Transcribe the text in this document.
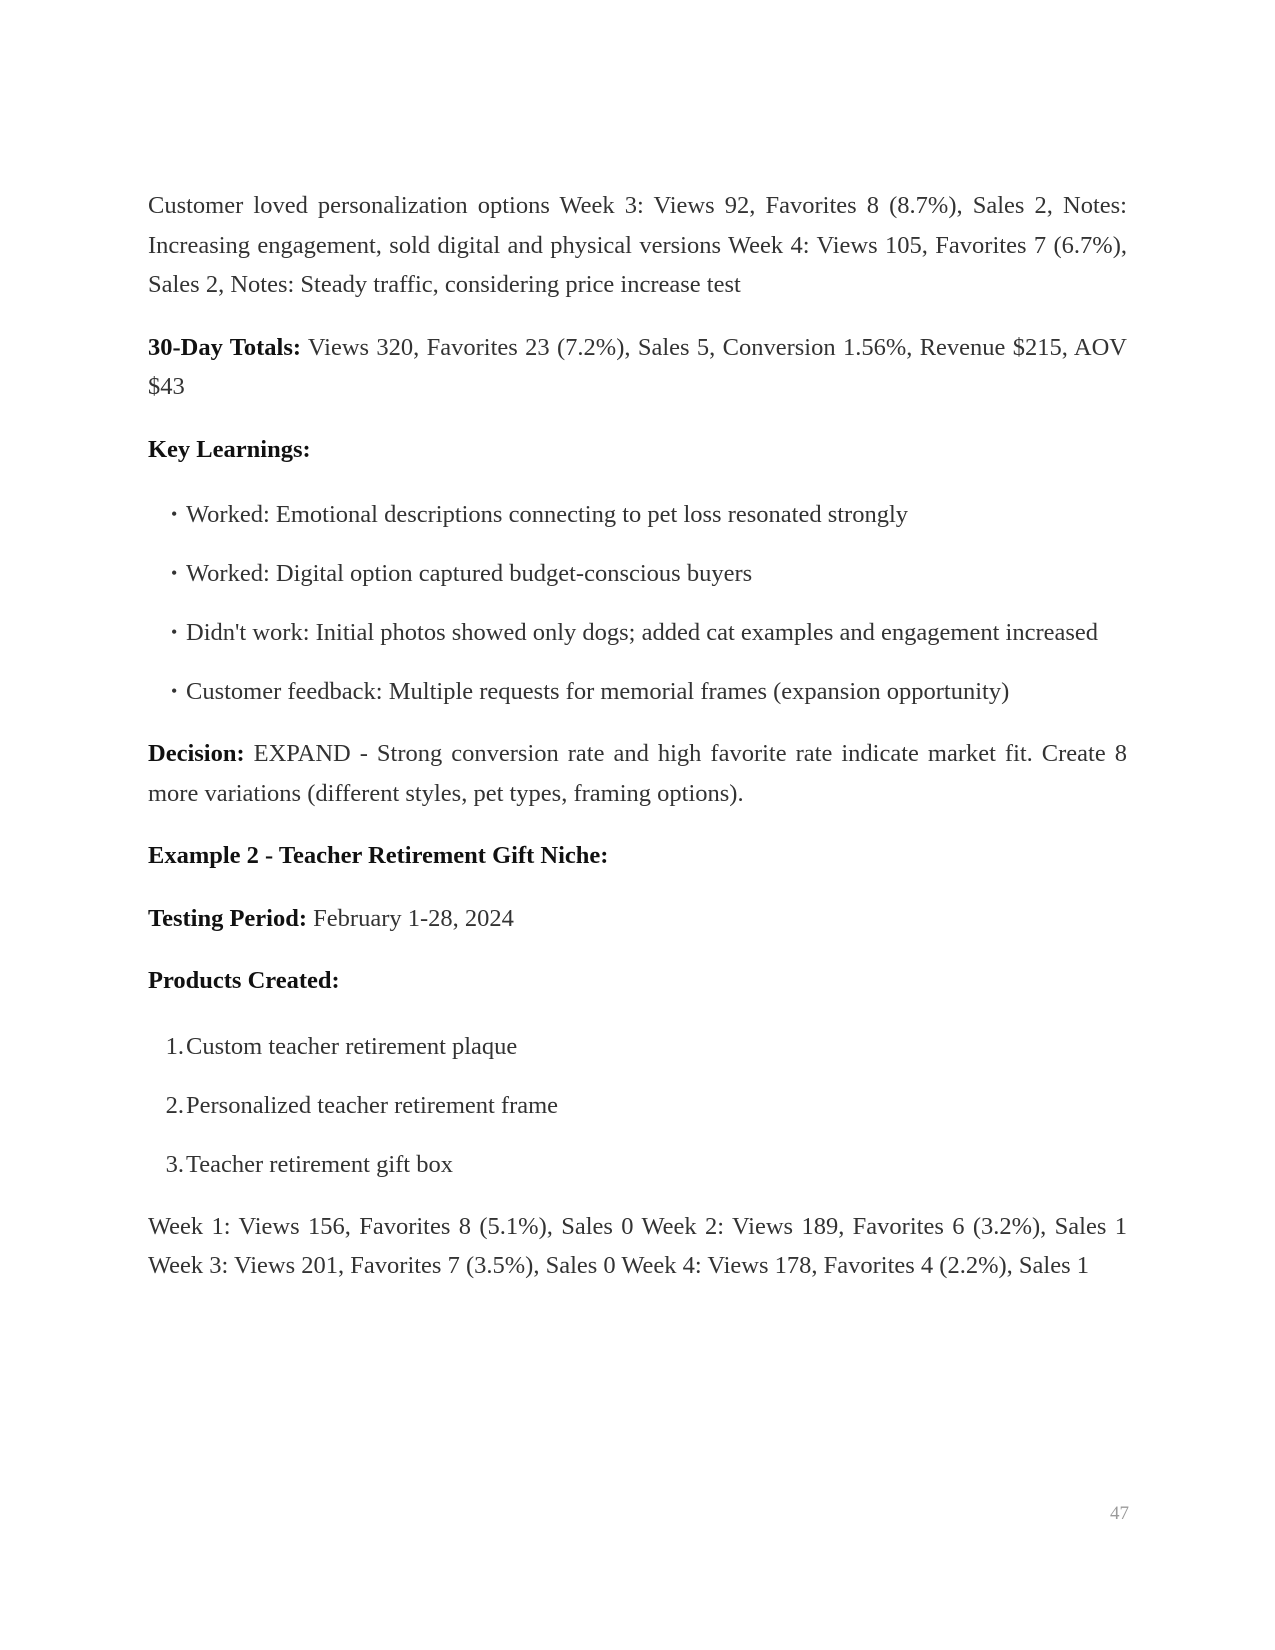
Customer loved personalization options Week 3: Views 92, Favorites 8 (8.7%), Sales 2, Notes: Increasing engagement, sold digital and physical versions Week 4: Views 105, Favorites 7 (6.7%), Sales 2, Notes: Steady traffic, considering price increase test

30-Day Totals: Views 320, Favorites 23 (7.2%), Sales 5, Conversion 1.56%, Revenue $215, AOV $43

Key Learnings:
• Worked: Emotional descriptions connecting to pet loss resonated strongly
• Worked: Digital option captured budget-conscious buyers
• Didn't work: Initial photos showed only dogs; added cat examples and engagement increased
• Customer feedback: Multiple requests for memorial frames (expansion opportunity)

Decision: EXPAND - Strong conversion rate and high favorite rate indicate market fit. Create 8 more variations (different styles, pet types, framing options).

Example 2 - Teacher Retirement Gift Niche:

Testing Period: February 1-28, 2024

Products Created:
1. Custom teacher retirement plaque
2. Personalized teacher retirement frame
3. Teacher retirement gift box

Week 1: Views 156, Favorites 8 (5.1%), Sales 0 Week 2: Views 189, Favorites 6 (3.2%), Sales 1 Week 3: Views 201, Favorites 7 (3.5%), Sales 0 Week 4: Views 178, Favorites 4 (2.2%), Sales 1

47
